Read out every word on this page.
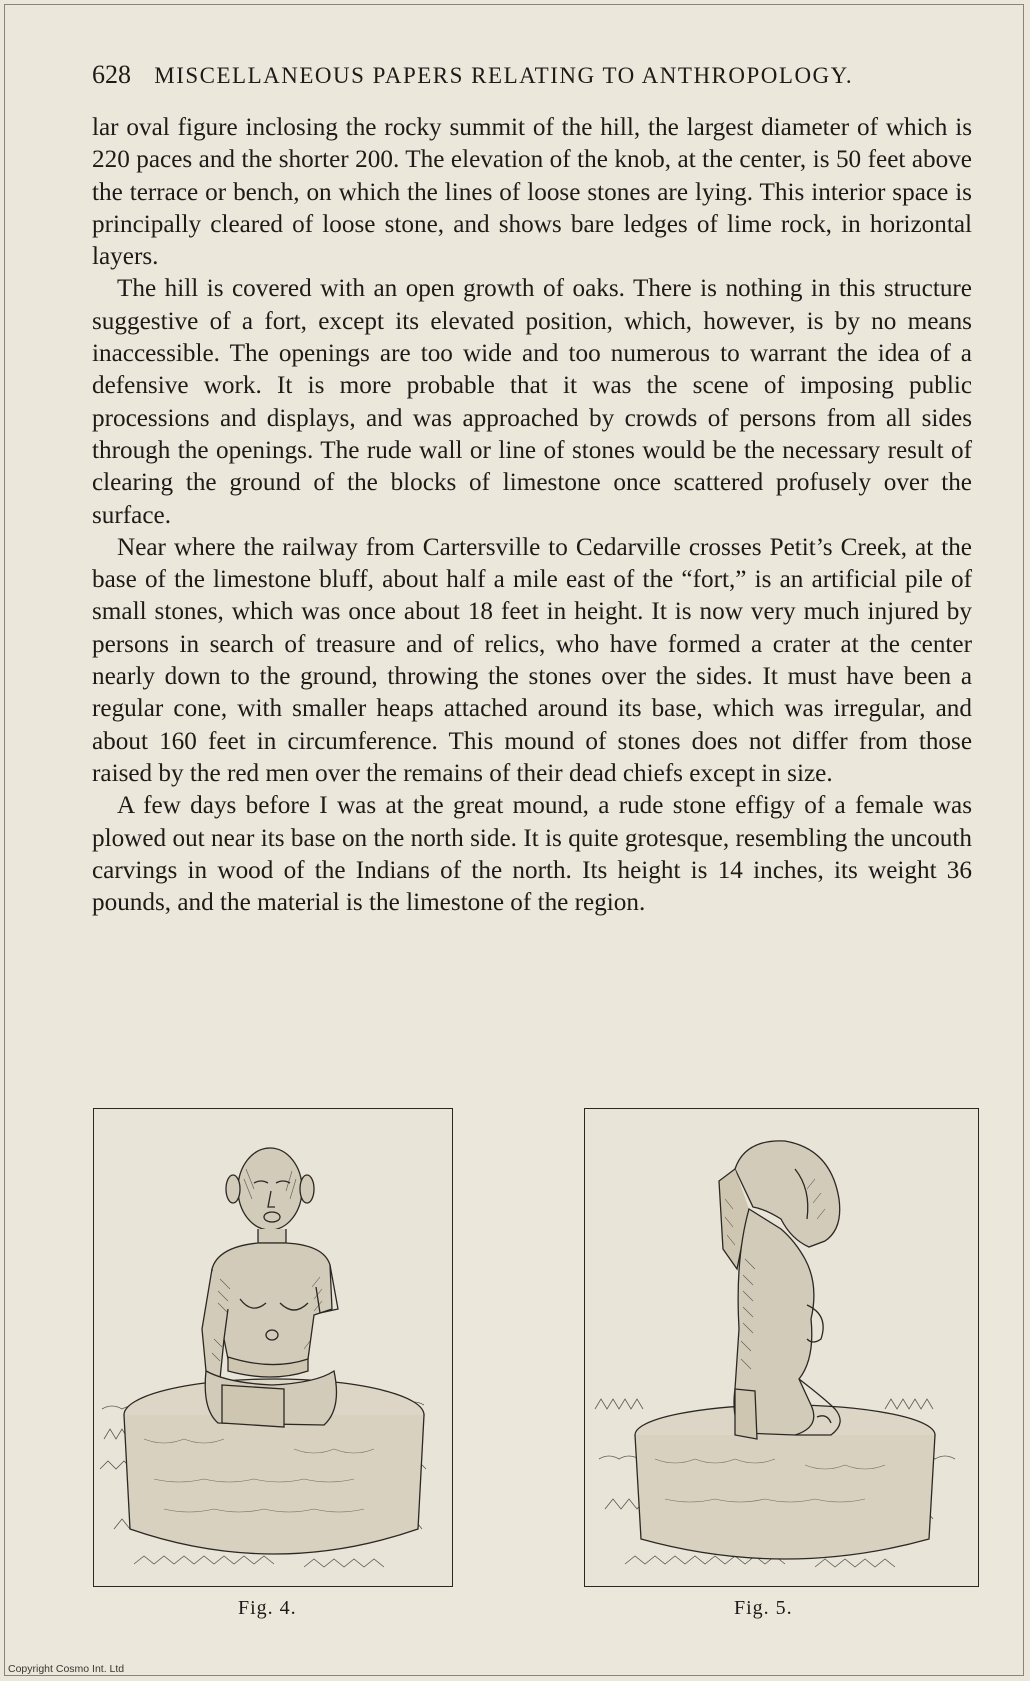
628 MISCELLANEOUS PAPERS RELATING TO ANTHROPOLOGY.

lar oval figure inclosing the rocky summit of the hill, the largest diameter of which is 220 paces and the shorter 200. The elevation of the knob, at the center, is 50 feet above the terrace or bench, on which the lines of loose stones are lying. This interior space is principally cleared of loose stone, and shows bare ledges of lime rock, in horizontal layers.

The hill is covered with an open growth of oaks. There is nothing in this structure suggestive of a fort, except its elevated position, which, however, is by no means inaccessible. The openings are too wide and too numerous to warrant the idea of a defensive work. It is more probable that it was the scene of imposing public processions and displays, and was approached by crowds of persons from all sides through the openings. The rude wall or line of stones would be the necessary result of clearing the ground of the blocks of limestone once scattered profusely over the surface.

Near where the railway from Cartersville to Cedarville crosses Petit’s Creek, at the base of the limestone bluff, about half a mile east of the “fort,” is an artificial pile of small stones, which was once about 18 feet in height. It is now very much injured by persons in search of treasure and of relics, who have formed a crater at the center nearly down to the ground, throwing the stones over the sides. It must have been a regular cone, with smaller heaps attached around its base, which was irregular, and about 160 feet in circumference. This mound of stones does not differ from those raised by the red men over the remains of their dead chiefs except in size.

A few days before I was at the great mound, a rude stone effigy of a female was plowed out near its base on the north side. It is quite grotesque, resembling the uncouth carvings in wood of the Indians of the north. Its height is 14 inches, its weight 36 pounds, and the material is the limestone of the region.

Fig. 4.	Fig. 5.
Copyright Cosmo Int. Ltd
